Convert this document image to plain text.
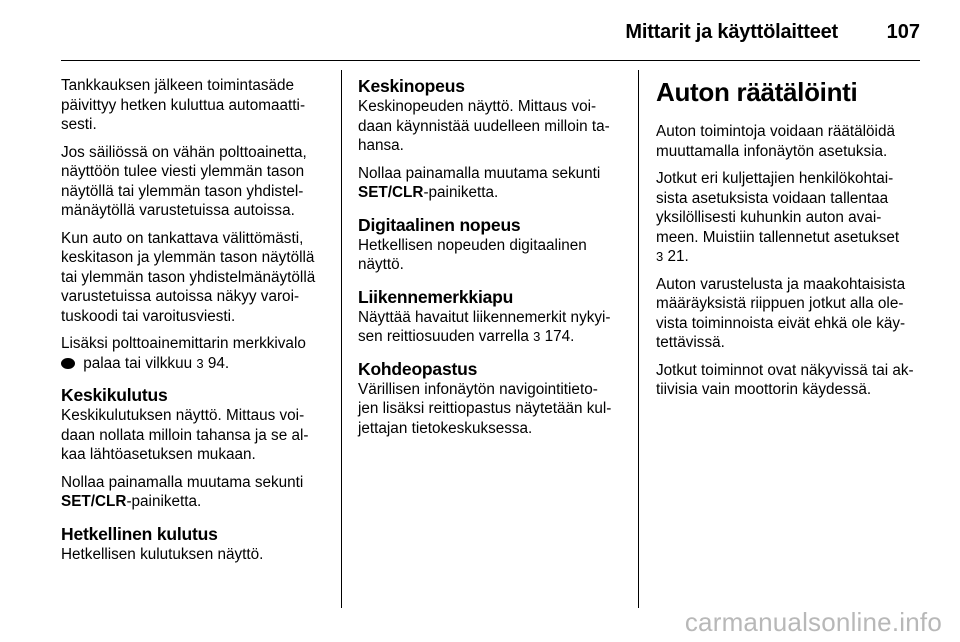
Mittarit ja käyttölaitteet 107

Tankkauksen jälkeen toimintasäde
päivittyy hetken kuluttua automaatti-
sesti.

Jos säiliössä on vähän polttoainetta,
näyttöön tulee viesti ylemmän tason
näytöllä tai ylemmän tason yhdistel-
mänäytöllä varustetuissa autoissa.

Kun auto on tankattava välittömästi,
keskitason ja ylemmän tason näytöllä
tai ylemmän tason yhdistelmänäytöllä
varustetuissa autoissa näkyy varoi-
tuskoodi tai varoitusviesti.

Lisäksi polttoainemittarin merkkivalo
palaa tai vilkkuu 3 94.

Keskikulutus

Keskikulutuksen näyttö. Mittaus voi-
daan nollata milloin tahansa ja se al-
kaa lähtöasetuksen mukaan.

Nollaa painamalla muutama sekunti
SET/CLR-painiketta.

Hetkellinen kulutus

Hetkellisen kulutuksen näyttö.

Keskinopeus

Keskinopeuden näyttö. Mittaus voi-
daan käynnistää uudelleen milloin ta-
hansa.

Nollaa painamalla muutama sekunti
SET/CLR-painiketta.

Digitaalinen nopeus

Hetkellisen nopeuden digitaalinen
näyttö.

Liikennemerkkiapu

Näyttää havaitut liikennemerkit nykyi-
sen reittiosuuden varrella 3 174.

Kohdeopastus

Värillisen infonäytön navigointitieto-
jen lisäksi reittiopastus näytetään kul-
jettajan tietokeskuksessa.

Auton räätälöinti

Auton toimintoja voidaan räätälöidä
muuttamalla infonäytön asetuksia.

Jotkut eri kuljettajien henkilökohtai-
sista asetuksista voidaan tallentaa
yksilöllisesti kuhunkin auton avai-
meen. Muistiin tallennetut asetukset
3 21.

Auton varustelusta ja maakohtaisista
määräyksistä riippuen jotkut alla ole-
vista toiminnoista eivät ehkä ole käy-
tettävissä.

Jotkut toiminnot ovat näkyvissä tai ak-
tiivisia vain moottorin käydessä.

carmanualsonline.info
